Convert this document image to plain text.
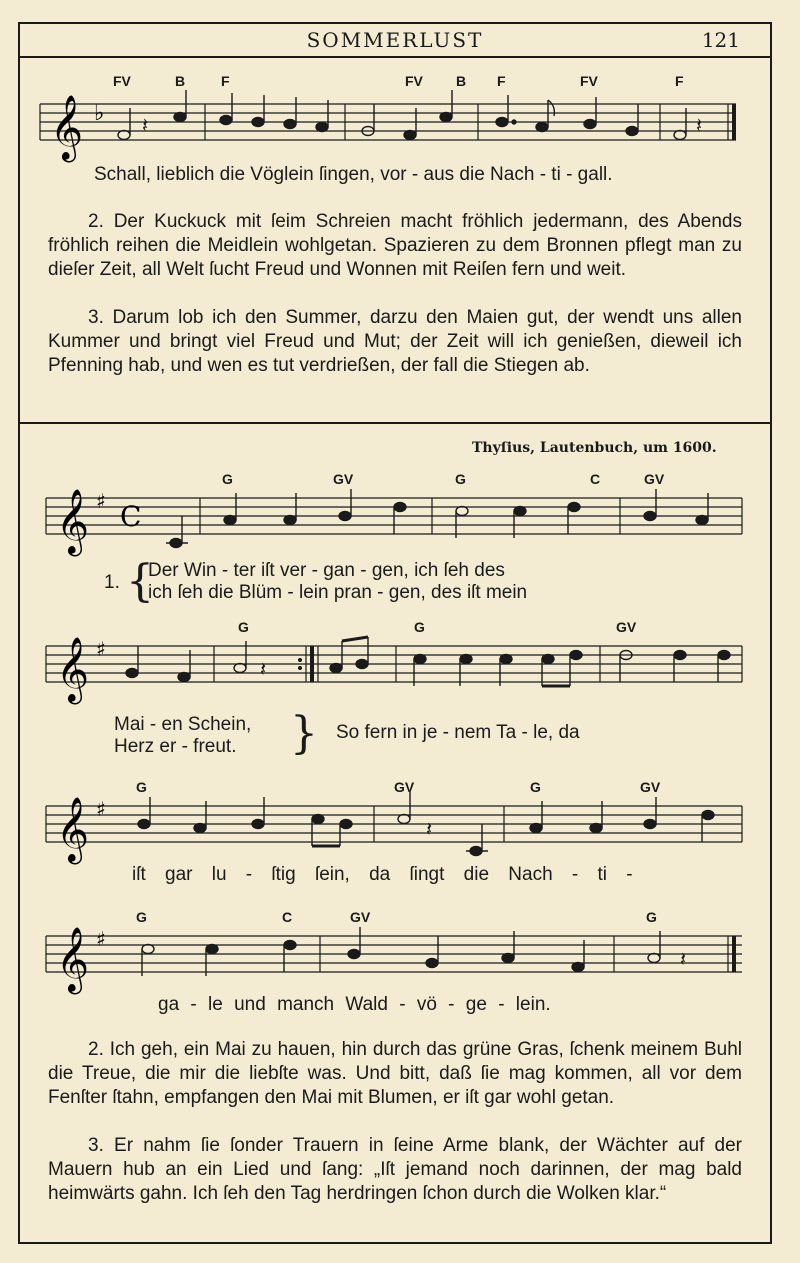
SOMMERLUST	121
𝄞 ♭ 𝄽	𝄽
FV	B	F	FV B F	FV	F
Schall, lieblich die Vöglein ſingen, vor - aus die Nach - ti - gall.
2. Der Kuckuck mit ſeim Schreien macht fröhlich jedermann, des Abends fröhlich reihen die Meidlein wohlgetan. Spazieren zu dem Bronnen pflegt man zu dieſer Zeit, all Welt ſucht Freud und Wonnen mit Reiſen fern und weit.
3. Darum lob ich den Summer, darzu den Maien gut, der wendt uns allen Kummer und bringt viel Freud und Mut; der Zeit will ich genießen, dieweil ich Pfenning hab, und wen es tut verdrießen, der fall die Stiegen ab.
Thyſius, Lautenbuch, um 1600.
𝄞 ♯ C
G	GV	G	C	GV
1. {
Der Win - ter iſt ver - gan - gen, ich ſeh des
ich ſeh die Blüm - lein pran - gen, des iſt mein
𝄞 ♯
𝄽
G	G	GV
Mai - en Schein,
Herz er - freut. } So fern in je - nem Ta - le, da
𝄞 ♯
𝄽
G	GV	G	GV
iſt gar lu - ſtig ſein, da ſingt die Nach - ti -
𝄞 ♯
𝄽
G	C	GV	G
ga - le und manch Wald - vö - ge - lein.
2. Ich geh, ein Mai zu hauen, hin durch das grüne Gras, ſchenk meinem Buhl die Treue, die mir die liebſte was. Und bitt, daß ſie mag kommen, all vor dem Fenſter ſtahn, empfangen den Mai mit Blumen, er iſt gar wohl getan.
3. Er nahm ſie ſonder Trauern in ſeine Arme blank, der Wächter auf der Mauern hub an ein Lied und ſang: „Iſt jemand noch darinnen, der mag bald heimwärts gahn. Ich ſeh den Tag herdringen ſchon durch die Wolken klar.“
